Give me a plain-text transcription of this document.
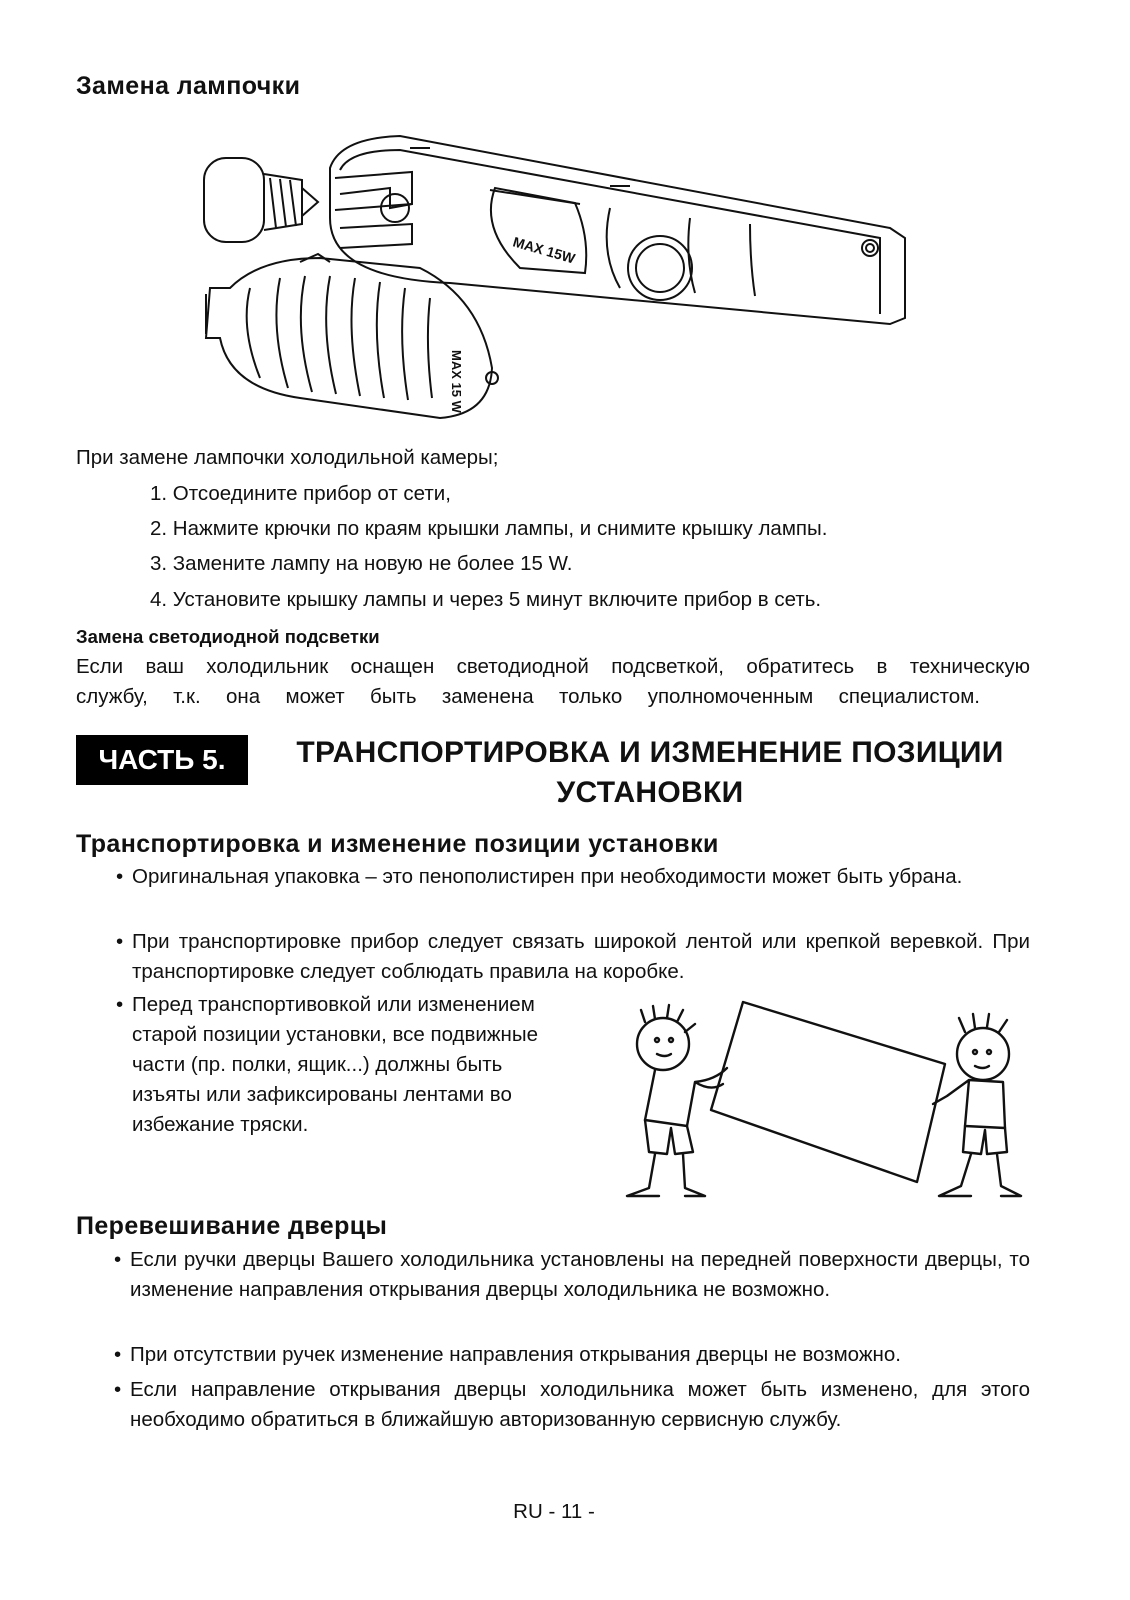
Замена лампочки
MAX 15W
MAX 15 W
При замене лампочки холодильной камеры;
1. Отсоедините прибор от сети,
2. Нажмите крючки по краям крышки лампы, и снимите крышку лампы.
3. Замените лампу на новую не более 15 W.
4. Установите крышку лампы и через 5 минут включите прибор в сеть.
Замена светодиодной подсветки
Если ваш холодильник оснащен светодиодной подсветкой, обратитесь в техническую
службу, т.к. она может быть заменена только уполномоченным специалистом.
ЧАСТЬ 5.	ТРАНСПОРТИРОВКА И ИЗМЕНЕНИЕ ПОЗИЦИИ
УСТАНОВКИ
Транспортировка и изменение позиции установки
• Оригинальная упаковка – это пенополистирен при необходимости может быть убрана.
• При транспортировке прибор следует связать широкой лентой или крепкой веревкой. При транспортировке следует соблюдать правила на коробке.
• Перед транспортивовкой или изменением старой позиции установки, все подвижные части (пр. полки, ящик...) должны быть изъяты или зафиксированы лентами во избежание тряски.
Перевешивание дверцы
• Если ручки дверцы Вашего холодильника установлены на передней поверхности дверцы, то изменение направления открывания дверцы холодильника не возможно.
• При отсутствии ручек изменение направления открывания дверцы не возможно.
• Если направление открывания дверцы холодильника может быть изменено, для этого необходимо обратиться в ближайшую авторизованную сервисную службу.
RU - 11 -
